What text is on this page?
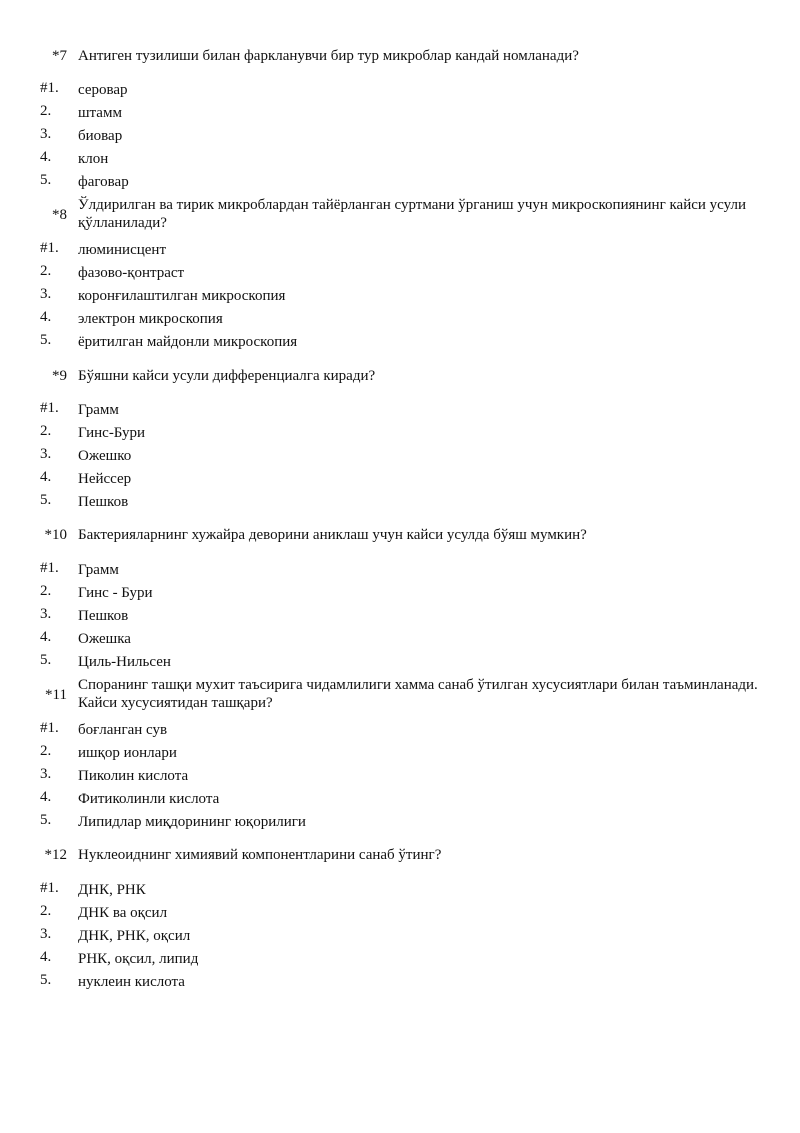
*7 Антиген тузилиши билан фаркланувчи бир тур микроблар кандай номланади?
#1. серовар
2. штамм
3. биовар
4. клон
5. фаговар
*8
Ўлдирилган ва тирик микроблардан тайёрланган суртмани ўрганиш учун микроскопиянинг кайси усули қўлланилади?
#1. люминисцент
2. фазово-қонтраст
3. коронғилаштилган микроскопия
4. электрон микроскопия
5. ёритилган майдонли микроскопия
*9 Бўяшни кайси усули дифференциалга киради?
#1. Грамм
2. Гинс-Бури
3. Ожешко
4. Нейссер
5. Пешков
*10 Бактерияларнинг хужайра деворини аниклаш учун кайси усулда бўяш мумкин?
#1. Грамм
2. Гинс - Бури
3. Пешков
4. Ожешка
5. Циль-Нильсен
*11
Споранинг ташқи мухит таъсирига чидамлилиги хамма санаб ўтилган хусусиятлари билан таъминланади. Кайси хусусиятидан ташқари?
#1. боғланган сув
2. ишқор ионлари
3. Пиколин кислота
4. Фитиколинли кислота
5. Липидлар миқдорининг юқорилиги
*12 Нуклеоиднинг химиявий компонентларини санаб ўтинг?
#1. ДНК, РНК
2. ДНК ва оқсил
3. ДНК, РНК, оқсил
4. РНК, оқсил, липид
5. нуклеин кислота
